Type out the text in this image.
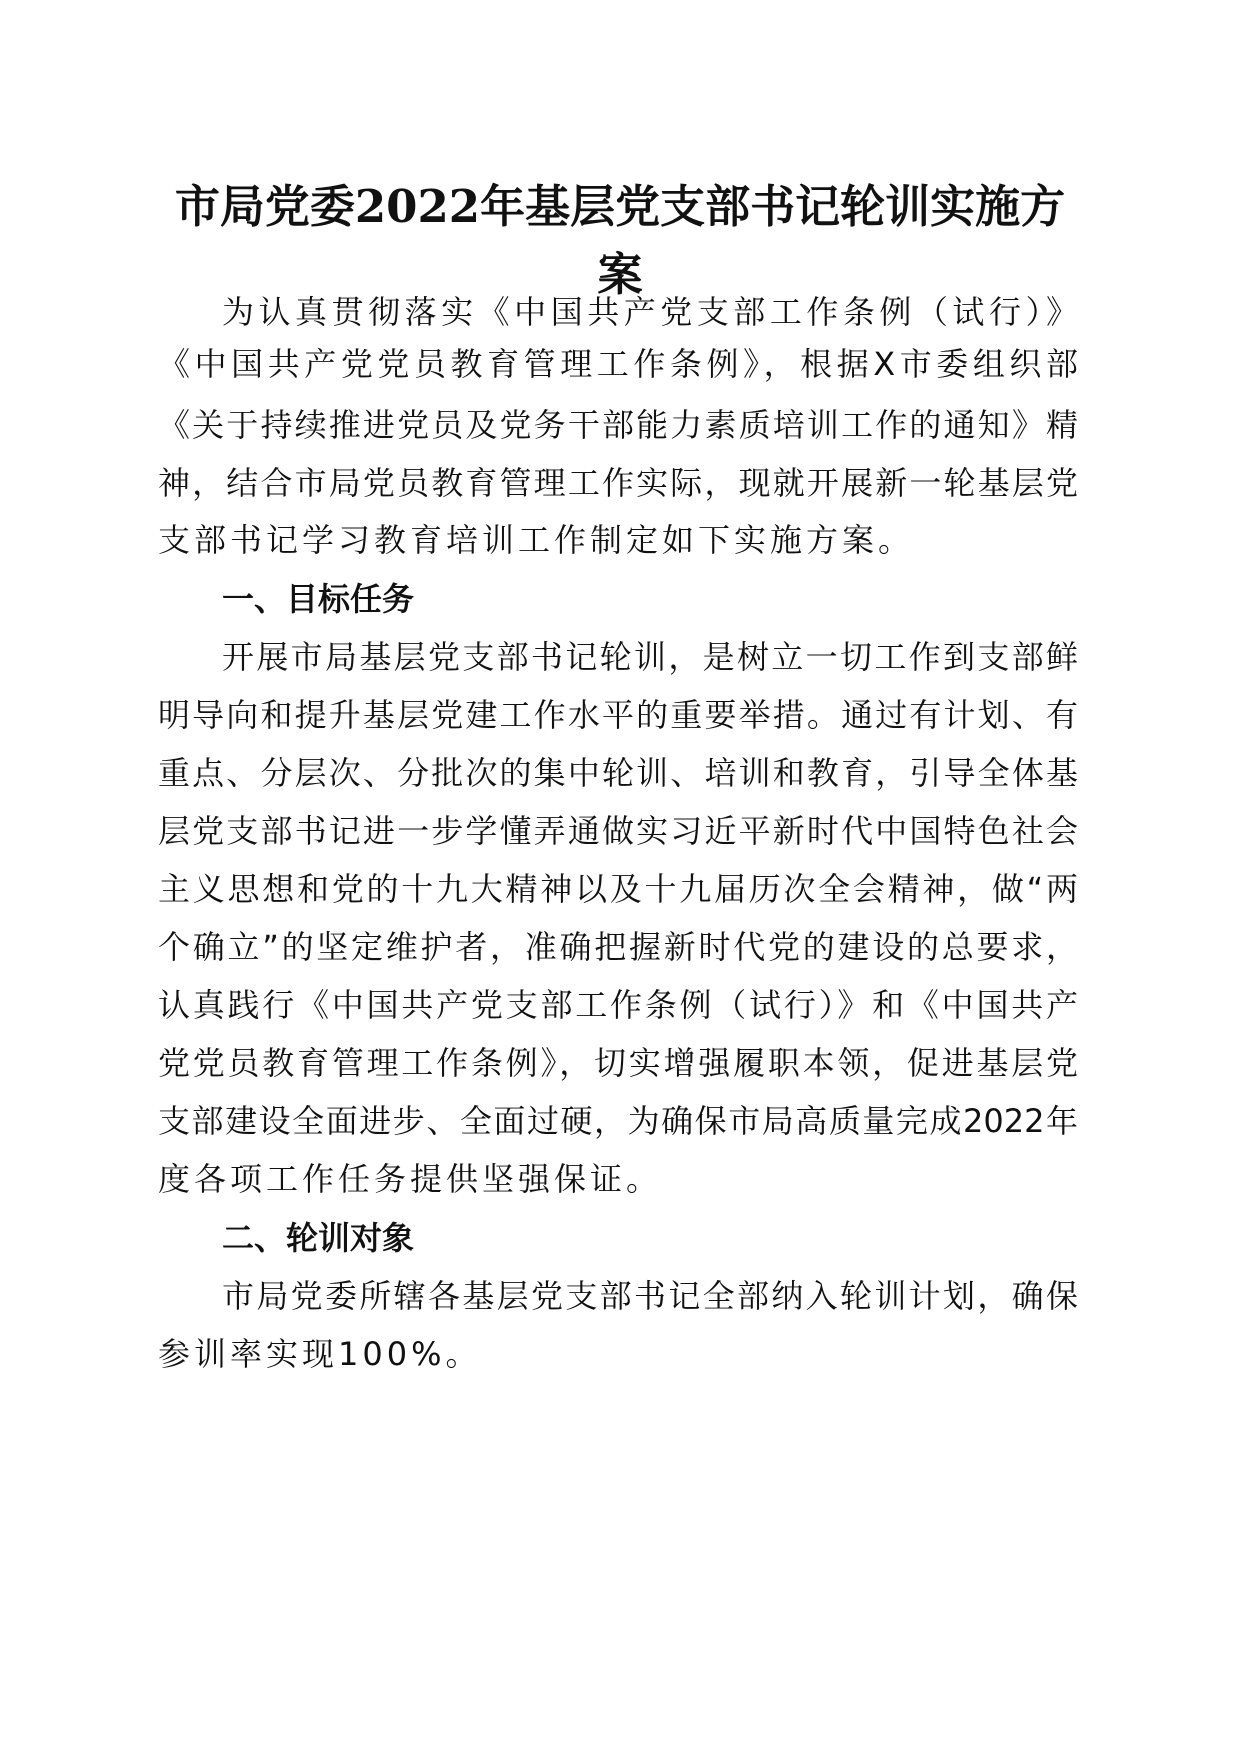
市局党委2022年基层党支部书记轮训实施方
案

为认真贯彻落实《中国共产党支部工作条例（试行）》

《中国共产党党员教育管理工作条例》，根据X市委组织部

《关于持续推进党员及党务干部能力素质培训工作的通知》精

神，结合市局党员教育管理工作实际，现就开展新一轮基层党

支部书记学习教育培训工作制定如下实施方案。

一、目标任务

开展市局基层党支部书记轮训，是树立一切工作到支部鲜

明导向和提升基层党建工作水平的重要举措。通过有计划、有

重点、分层次、分批次的集中轮训、培训和教育，引导全体基

层党支部书记进一步学懂弄通做实习近平新时代中国特色社会

主义思想和党的十九大精神以及十九届历次全会精神，做“两

个确立”的坚定维护者，准确把握新时代党的建设的总要求，

认真践行《中国共产党支部工作条例（试行）》和《中国共产

党党员教育管理工作条例》，切实增强履职本领，促进基层党

支部建设全面进步、全面过硬，为确保市局高质量完成2022年

度各项工作任务提供坚强保证。

二、轮训对象

市局党委所辖各基层党支部书记全部纳入轮训计划，确保

参训率实现100%。
